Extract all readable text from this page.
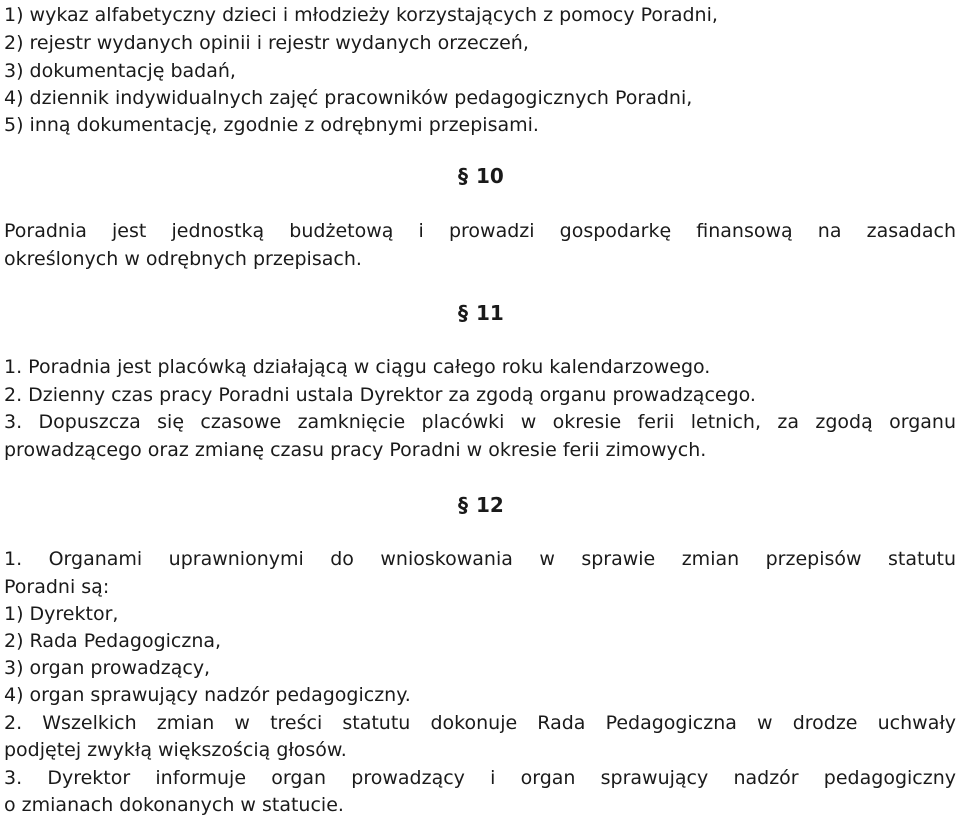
1) wykaz alfabetyczny dzieci i młodzieży korzystających z pomocy Poradni,
2) rejestr wydanych opinii i rejestr wydanych orzeczeń,
3) dokumentację badań,
4) dziennik indywidualnych zajęć pracowników pedagogicznych Poradni,
5) inną dokumentację, zgodnie z odrębnymi przepisami.
§ 10
Poradnia jest jednostką budżetową i prowadzi gospodarkę finansową na zasadach
określonych w odrębnych przepisach.
§ 11
1. Poradnia jest placówką działającą w ciągu całego roku kalendarzowego.
2. Dzienny czas pracy Poradni ustala Dyrektor za zgodą organu prowadzącego.
3. Dopuszcza się czasowe zamknięcie placówki w okresie ferii letnich, za zgodą organu
prowadzącego oraz zmianę czasu pracy Poradni w okresie ferii zimowych.
§ 12
1. Organami uprawnionymi do wnioskowania w sprawie zmian przepisów statutu
Poradni są:
1) Dyrektor,
2) Rada Pedagogiczna,
3) organ prowadzący,
4) organ sprawujący nadzór pedagogiczny.
2. Wszelkich zmian w treści statutu dokonuje Rada Pedagogiczna w drodze uchwały
podjętej zwykłą większością głosów.
3. Dyrektor informuje organ prowadzący i organ sprawujący nadzór pedagogiczny
o zmianach dokonanych w statucie.
